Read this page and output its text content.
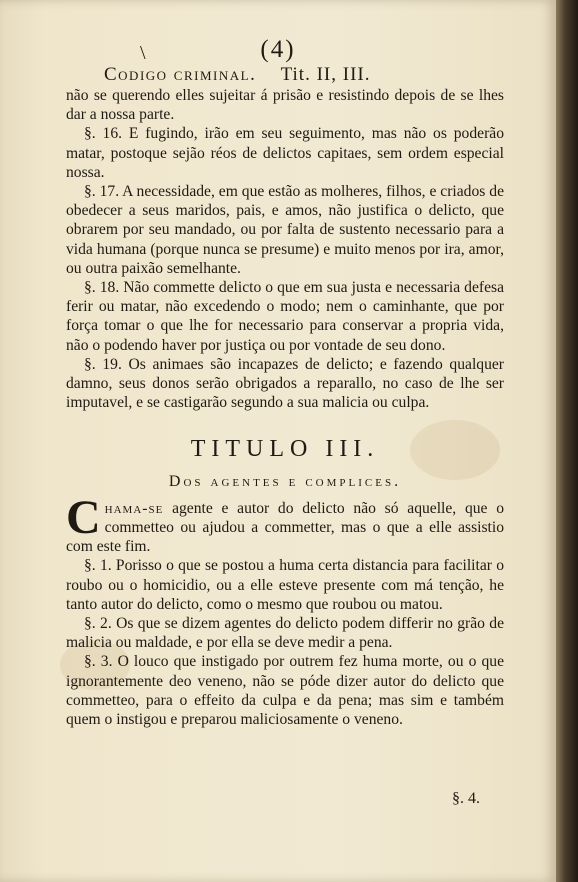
\	(4)
Codigo criminal. Tit. II, III.

não se querendo elles sujeitar á prisão e resistindo depois de se lhes dar a nossa parte.

§. 16. E fugindo, irão em seu seguimento, mas não os poderão matar, postoque sejão réos de delictos capitaes, sem ordem especial nossa.

§. 17. A necessidade, em que estão as molheres, filhos, e criados de obedecer a seus maridos, pais, e amos, não justifica o delicto, que obrarem por seu mandado, ou por falta de sustento necessario para a vida humana (porque nunca se presume) e muito menos por ira, amor, ou outra paixão semelhante.

§. 18. Não commette delicto o que em sua justa e necessaria defesa ferir ou matar, não excedendo o modo; nem o caminhante, que por força tomar o que lhe for necessario para conservar a propria vida, não o podendo haver por justiça ou por vontade de seu dono.

§. 19. Os animaes são incapazes de delicto; e fazendo qualquer damno, seus donos serão obrigados a reparallo, no caso de lhe ser imputavel, e se castigarão segundo a sua malicia ou culpa.

TITULO III.
Dos agentes e complices.

Chama-se agente e autor do delicto não só aquelle, que o commetteo ou ajudou a commetter, mas o que a elle assistio com este fim.

§. 1. Porisso o que se postou a huma certa distancia para facilitar o roubo ou o homicidio, ou a elle esteve presente com má tenção, he tanto autor do delicto, como o mesmo que roubou ou matou.

§. 2. Os que se dizem agentes do delicto podem differir no grão de malicia ou maldade, e por ella se deve medir a pena.

§. 3. O louco que instigado por outrem fez huma morte, ou o que ignorantemente deo veneno, não se póde dizer autor do delicto que commetteo, para o effeito da culpa e da pena; mas sim e também quem o instigou e preparou maliciosamente o veneno.

§. 4.
